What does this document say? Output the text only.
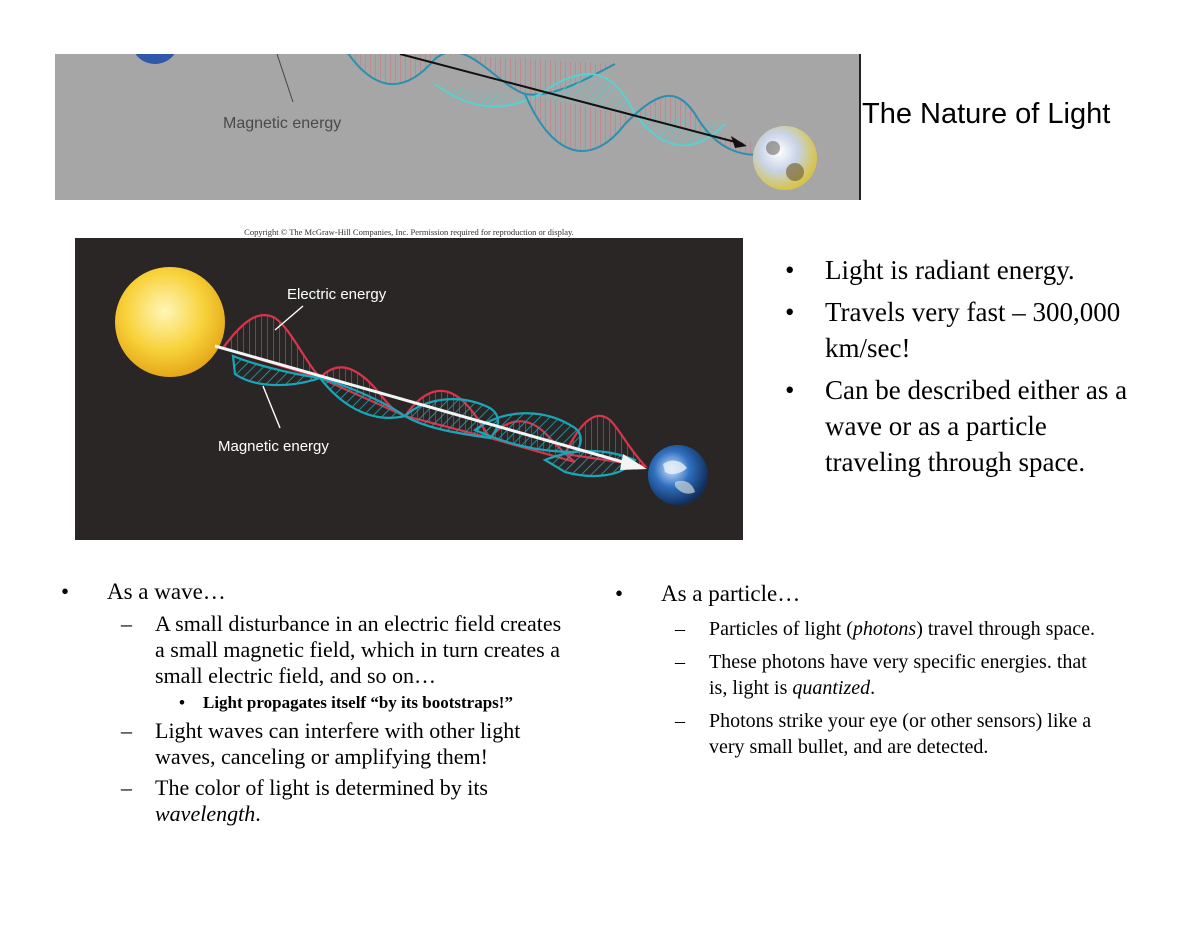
Magnetic energy	The Nature of Light
Copyright © The McGraw-Hill Companies, Inc. Permission required for reproduction or display.
Electric energy
Magnetic energy
• Light is radiant energy.
• Travels very fast – 300,000 km/sec!
• Can be described either as a wave or as a particle traveling through space.
• As a wave…
– A small disturbance in an electric field creates a small magnetic field, which in turn creates a small electric field, and so on…
• Light propagates itself “by its bootstraps!”
– Light waves can interfere with other light waves, canceling or amplifying them!
– The color of light is determined by its wavelength.
• As a particle…
– Particles of light (photons) travel through space.
– These photons have very specific energies. that is, light is quantized.
– Photons strike your eye (or other sensors) like a very small bullet, and are detected.
